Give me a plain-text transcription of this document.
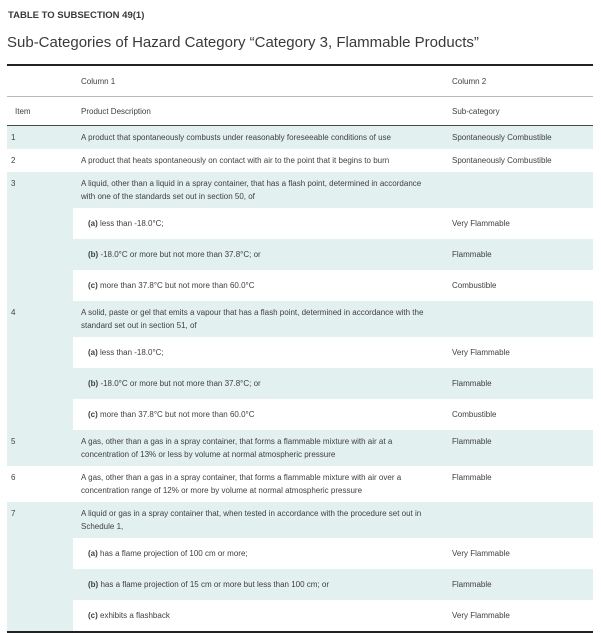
TABLE TO SUBSECTION 49(1)
Sub-Categories of Hazard Category “Category 3, Flammable Products”
	Column 1	Column 2
Item	Product Description	Sub-category
1	A product that spontaneously combusts under reasonably foreseeable conditions of use	Spontaneously Combustible
2	A product that heats spontaneously on contact with air to the point that it begins to burn	Spontaneously Combustible
3	A liquid, other than a liquid in a spray container, that has a flash point, determined in accordance with one of the standards set out in section 50, of	
	(a) less than -18.0°C;	Very Flammable
	(b) -18.0°C or more but not more than 37.8°C; or	Flammable
	(c) more than 37.8°C but not more than 60.0°C	Combustible
4	A solid, paste or gel that emits a vapour that has a flash point, determined in accordance with the standard set out in section 51, of	
	(a) less than -18.0°C;	Very Flammable
	(b) -18.0°C or more but not more than 37.8°C; or	Flammable
	(c) more than 37.8°C but not more than 60.0°C	Combustible
5	A gas, other than a gas in a spray container, that forms a flammable mixture with air at a concentration of 13% or less by volume at normal atmospheric pressure	Flammable
6	A gas, other than a gas in a spray container, that forms a flammable mixture with air over a concentration range of 12% or more by volume at normal atmospheric pressure	Flammable
7	A liquid or gas in a spray container that, when tested in accordance with the procedure set out in Schedule 1,	
	(a) has a flame projection of 100 cm or more;	Very Flammable
	(b) has a flame projection of 15 cm or more but less than 100 cm; or	Flammable
	(c) exhibits a flashback	Very Flammable
